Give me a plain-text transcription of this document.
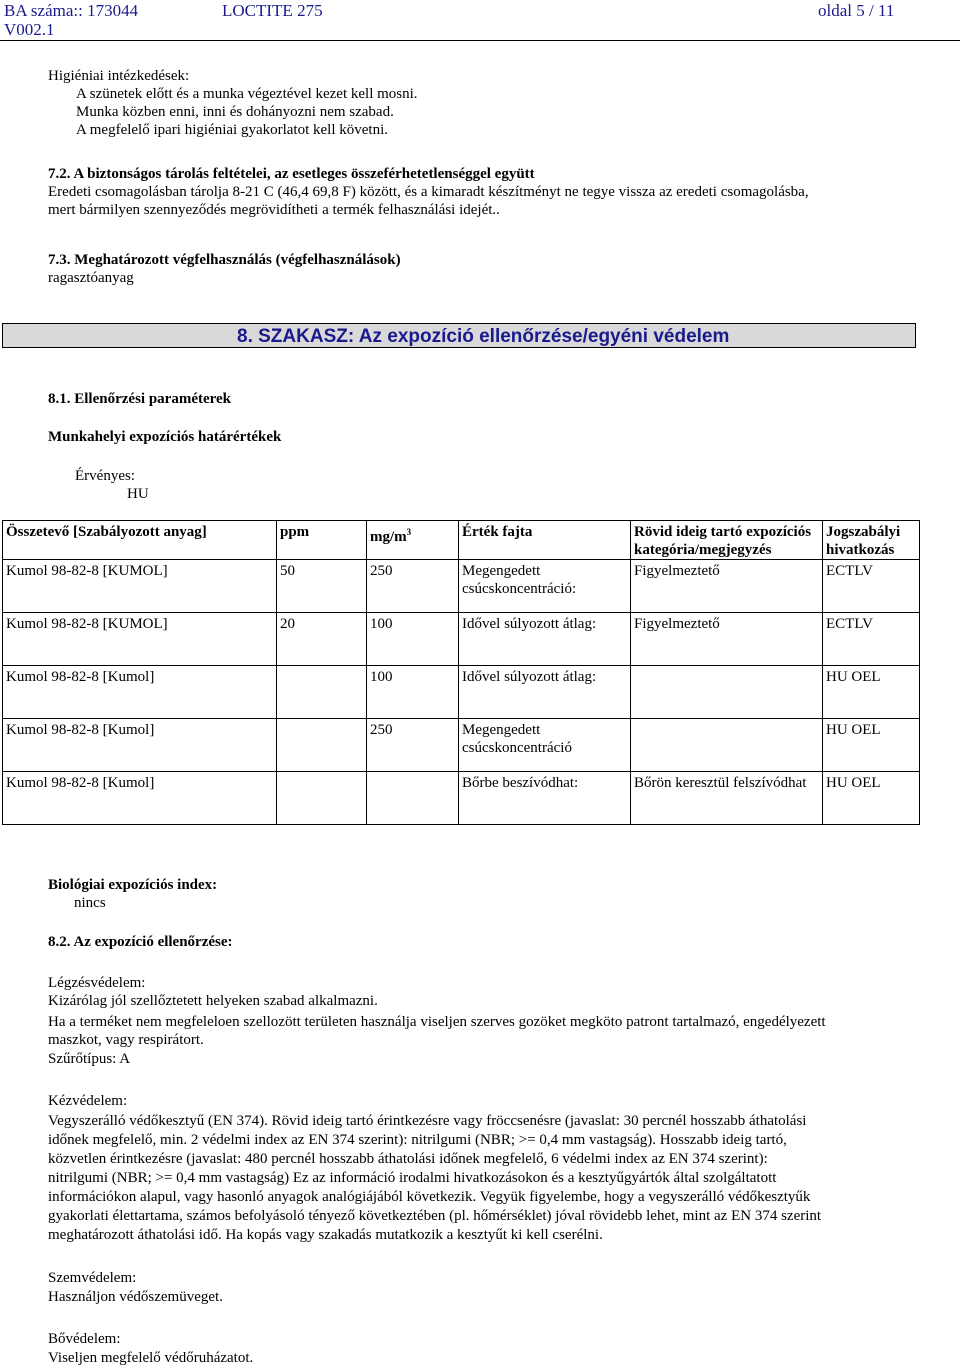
BA száma:: 173044	LOCTITE 275	oldal 5 / 11
V002.1
Higiéniai intézkedések:
A szünetek előtt és a munka végeztével kezet kell mosni.
Munka közben enni, inni és dohányozni nem szabad.
A megfelelő ipari higiéniai gyakorlatot kell követni.
7.2. A biztonságos tárolás feltételei, az esetleges összeférhetetlenséggel együtt
Eredeti csomagolásban tárolja 8-21 C (46,4 69,8 F) között, és a kimaradt készítményt ne tegye vissza az eredeti csomagolásba,
mert bármilyen szennyeződés megrövidítheti a termék felhasználási idejét..
7.3. Meghatározott végfelhasználás (végfelhasználások)
ragasztóanyag
8. SZAKASZ: Az expozíció ellenőrzése/egyéni védelem
8.1. Ellenőrzési paraméterek
Munkahelyi expozíciós határértékek
Érvényes:
HU
Összetevő [Szabályozott anyag]	ppm	$mg/m^3$	Érték fajta	Rövid ideig tartó expozíciós kategória/megjegyzés	Jogszabályi hivatkozás
Kumol 98-82-8 [KUMOL]	50	250	Megengedett csúcskoncentráció:	Figyelmeztető	ECTLV
Kumol 98-82-8 [KUMOL]	20	100	Idővel súlyozott átlag:	Figyelmeztető	ECTLV
Kumol 98-82-8 [Kumol]		100	Idővel súlyozott átlag:		HU OEL
Kumol 98-82-8 [Kumol]		250	Megengedett csúcskoncentráció		HU OEL
Kumol 98-82-8 [Kumol]			Bőrbe beszívódhat:	Bőrön keresztül felszívódhat	HU OEL
Biológiai expozíciós index:
nincs
8.2. Az expozíció ellenőrzése:
Légzésvédelem:
Kizárólag jól szellőztetett helyeken szabad alkalmazni.
Ha a terméket nem megfeleloen szellozött területen használja viseljen szerves gozöket megköto patront tartalmazó, engedélyezett
maszkot, vagy respirátort.
Szűrőtípus: A
Kézvédelem:
Vegyszerálló védőkesztyű (EN 374). Rövid ideig tartó érintkezésre vagy fröccsenésre (javaslat: 30 percnél hosszabb áthatolási
időnek megfelelő, min. 2 védelmi index az EN 374 szerint): nitrilgumi (NBR; >= 0,4 mm vastagság). Hosszabb ideig tartó,
közvetlen érintkezésre (javaslat: 480 percnél hosszabb áthatolási időnek megfelelő, 6 védelmi index az EN 374 szerint):
nitrilgumi (NBR; >= 0,4 mm vastagság) Ez az információ irodalmi hivatkozásokon és a kesztyűgyártók által szolgáltatott
információkon alapul, vagy hasonló anyagok analógiájából következik. Vegyük figyelembe, hogy a vegyszerálló védőkesztyűk
gyakorlati élettartama, számos befolyásoló tényező következtében (pl. hőmérséklet) jóval rövidebb lehet, mint az EN 374 szerint
meghatározott áthatolási idő. Ha kopás vagy szakadás mutatkozik a kesztyűt ki kell cserélni.
Szemvédelem:
Használjon védőszemüveget.
Bővédelem:
Viseljen megfelelő védőruházatot.
